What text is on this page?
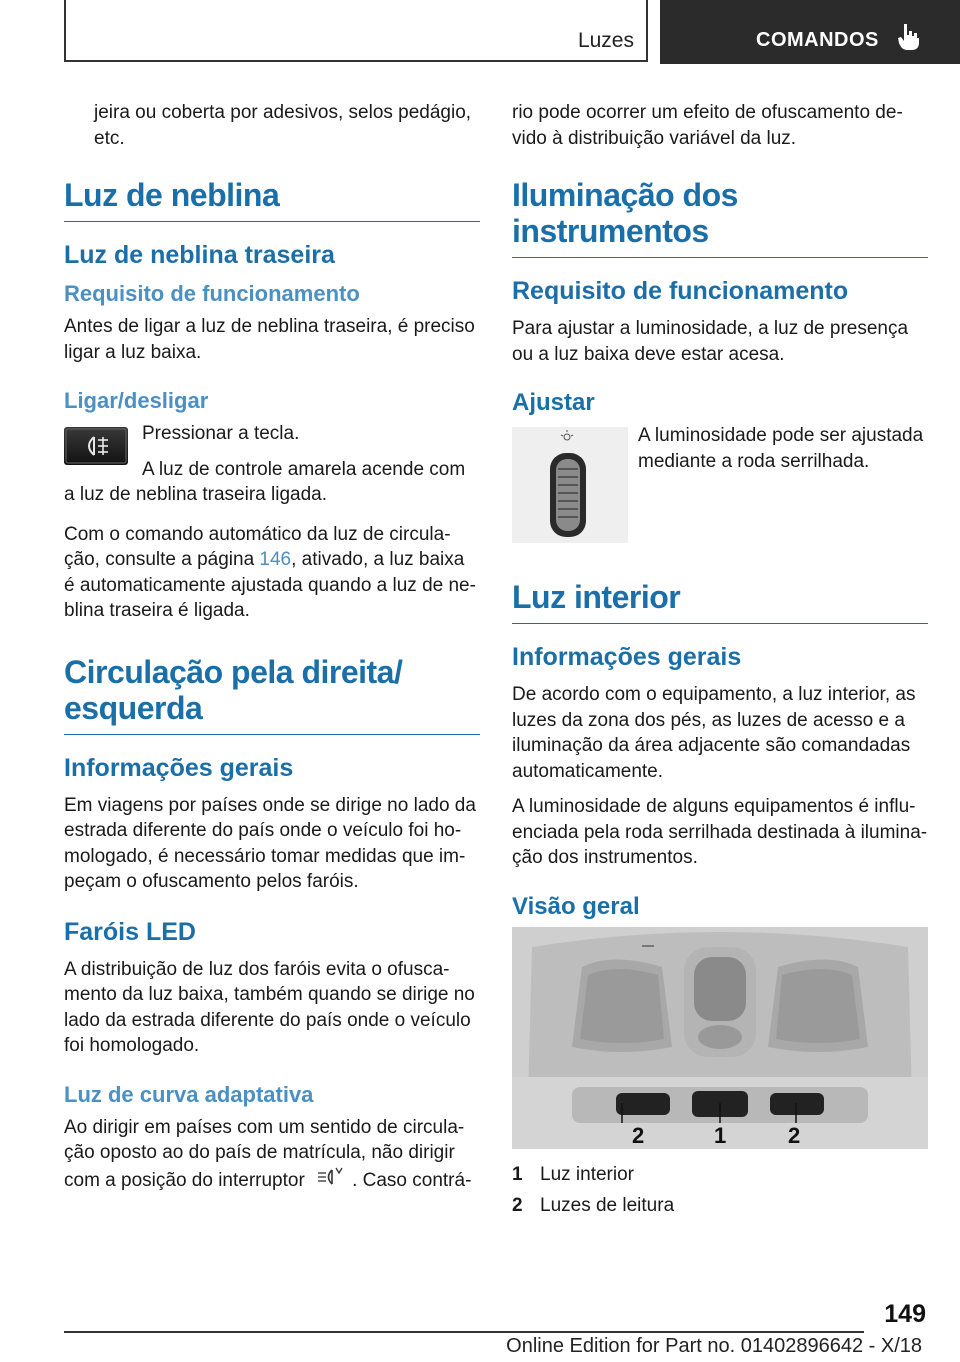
Luzes	COMANDOS

jeira ou coberta por adesivos, selos pedágio, etc.

Luz de neblina
Luz de neblina traseira
Requisito de funcionamento

Antes de ligar a luz de neblina traseira, é preciso ligar a luz baixa.

Ligar/desligar

Pressionar a tecla.

A luz de controle amarela acende com a luz de neblina traseira ligada.

Com o comando automático da luz de circulação, consulte a página 146, ativado, a luz baixa é automaticamente ajustada quando a luz de neblina traseira é ligada.

Circulação pela direita/ esquerda
Informações gerais

Em viagens por países onde se dirige no lado da estrada diferente do país onde o veículo foi homologado, é necessário tomar medidas que impeçam o ofuscamento pelos faróis.

Faróis LED

A distribuição de luz dos faróis evita o ofuscamento da luz baixa, também quando se dirige no lado da estrada diferente do país onde o veículo foi homologado.

Luz de curva adaptativa

Ao dirigir em países com um sentido de circulação oposto ao do país de matrícula, não dirigir com a posição do interruptor . Caso contrá-

rio pode ocorrer um efeito de ofuscamento devido à distribuição variável da luz.

Iluminação dos instrumentos
Requisito de funcionamento

Para ajustar a luminosidade, a luz de presença ou a luz baixa deve estar acesa.

Ajustar

A luminosidade pode ser ajustada mediante a roda serrilhada.

Luz interior
Informações gerais

De acordo com o equipamento, a luz interior, as luzes da zona dos pés, as luzes de acesso e a iluminação da área adjacente são comandadas automaticamente.

A luminosidade de alguns equipamentos é influenciada pela roda serrilhada destinada à iluminação dos instrumentos.

Visão geral
2	1	2
1 Luz interior
2 Luzes de leitura
149
Online Edition for Part no. 01402896642 - X/18
